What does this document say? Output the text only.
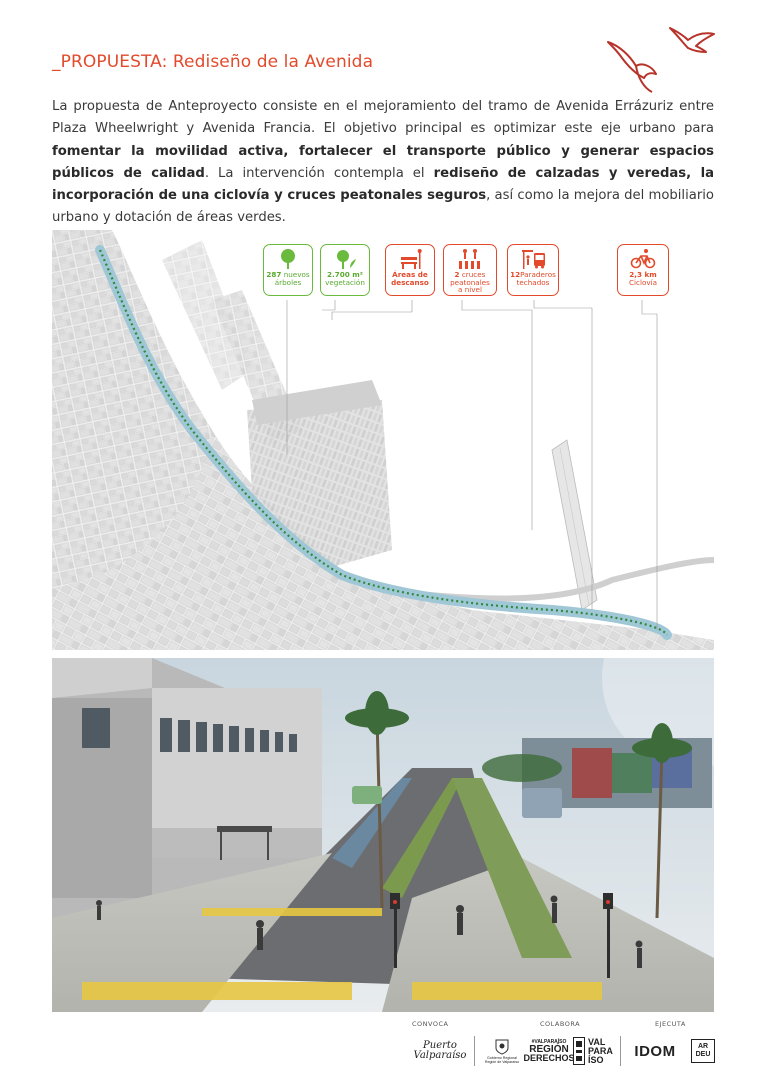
_PROPUESTA: Rediseño de la Avenida

La propuesta de Anteproyecto consiste en el mejoramiento del tramo de Avenida Errázuriz entre Plaza Wheelwright y Avenida Francia. El objetivo principal es optimizar este eje urbano para fomentar la movilidad activa, fortalecer el transporte público y generar espacios públicos de calidad. La intervención contempla el rediseño de calzadas y veredas, la incorporación de una ciclovía y cruces peatonales seguros, así como la mejora del mobiliario urbano y dotación de áreas verdes.

287 nuevos
árboles
2.700 m²
vegetación
Áreas de
descanso
2 cruces
peatonales
a nivel
12Paraderos
techados
2,3 km
Ciclovía
CONVOCA	COLABORA	EJECUTA
Puerto Valparaíso	Gobierno Regional Región de Valparaíso
#VALPARAÍSO
REGIÓN
DERECHOS
VAL
PARA
ÍSO IDOM	AR
DEU
